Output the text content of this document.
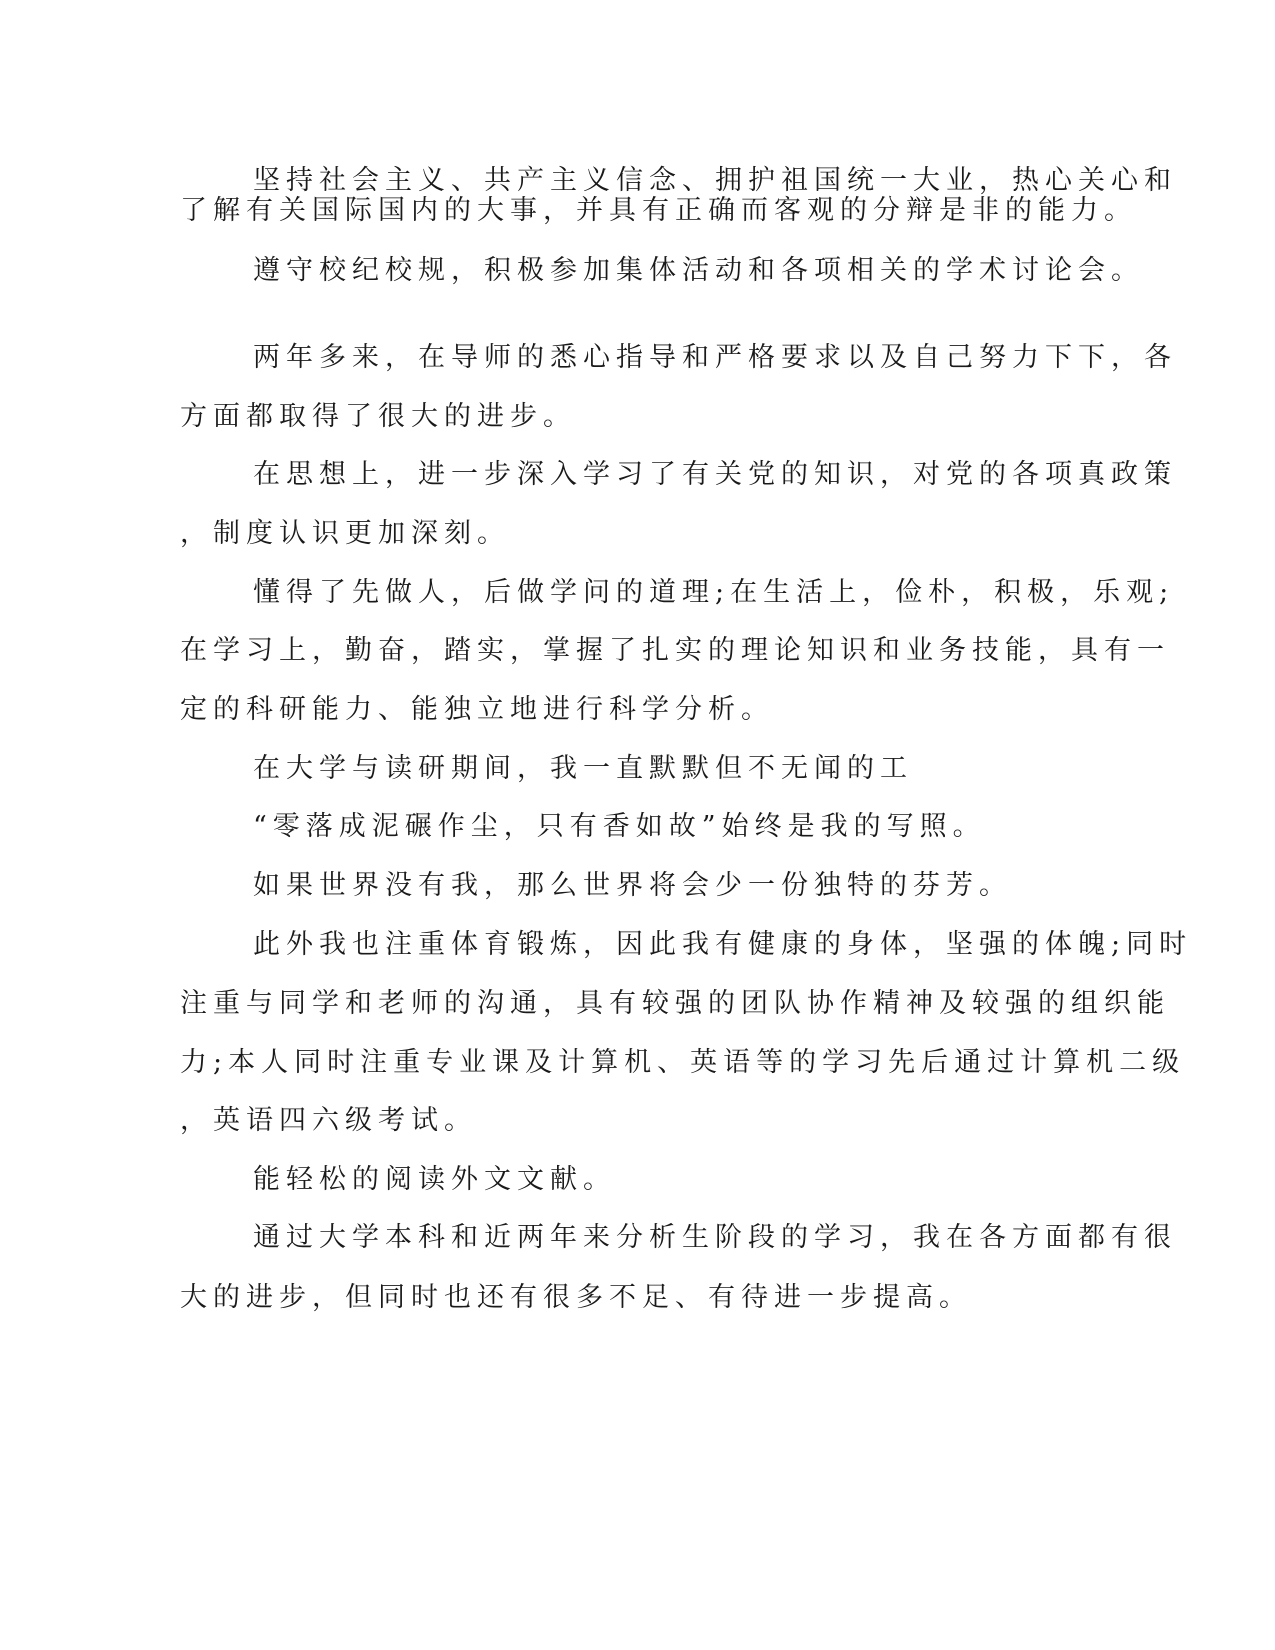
坚持社会主义、共产主义信念、拥护祖国统一大业，热心关心和
了解有关国际国内的大事，并具有正确而客观的分辩是非的能力。
遵守校纪校规，积极参加集体活动和各项相关的学术讨论会。
两年多来，在导师的悉心指导和严格要求以及自己努力下下，各
方面都取得了很大的进步。
在思想上，进一步深入学习了有关党的知识，对党的各项真政策
，制度认识更加深刻。
懂得了先做人，后做学问的道理;在生活上，俭朴，积极，乐观;
在学习上，勤奋，踏实，掌握了扎实的理论知识和业务技能，具有一
定的科研能力、能独立地进行科学分析。
在大学与读研期间，我一直默默但不无闻的工
“零落成泥碾作尘，只有香如故”始终是我的写照。
如果世界没有我，那么世界将会少一份独特的芬芳。
此外我也注重体育锻炼，因此我有健康的身体，坚强的体魄;同时
注重与同学和老师的沟通，具有较强的团队协作精神及较强的组织能
力;本人同时注重专业课及计算机、英语等的学习先后通过计算机二级
，英语四六级考试。
能轻松的阅读外文文献。
通过大学本科和近两年来分析生阶段的学习，我在各方面都有很
大的进步，但同时也还有很多不足、有待进一步提高。
